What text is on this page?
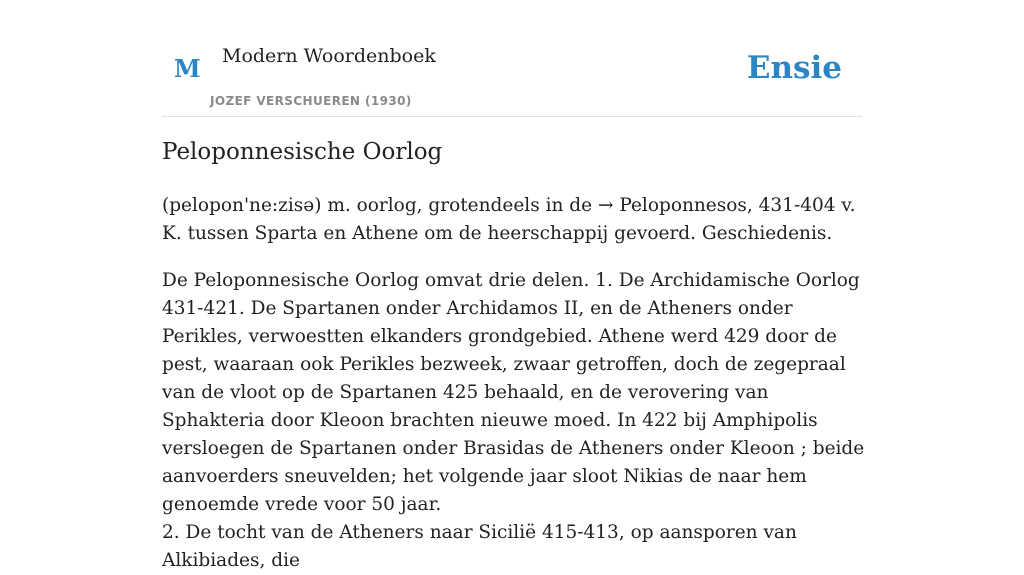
M Modern Woordenboek
JOZEF VERSCHUEREN (1930)
Ensie
Peloponnesische Oorlog

(pelopon'ne:zisə) m. oorlog, grotendeels in de → Peloponnesos, 431-404 v. K. tussen Sparta en Athene om de heerschappij gevoerd. Geschiedenis.

De Peloponnesische Oorlog omvat drie delen. 1. De Archidamische Oorlog 431-421. De Spartanen onder Archidamos II, en de Atheners onder Perikles, verwoestten elkanders grondgebied. Athene werd 429 door de pest, waaraan ook Perikles bezweek, zwaar getroffen, doch de zegepraal van de vloot op de Spartanen 425 behaald, en de verovering van Sphakteria door Kleoon brachten nieuwe moed. In 422 bij Amphipolis versloegen de Spartanen onder Brasidas de Atheners onder Kleoon ; beide aanvoerders sneuvelden; het volgende jaar sloot Nikias de naar hem genoemde vrede voor 50 jaar.
2. De tocht van de Atheners naar Sicilië 415-413, op aansporen van Alkibiades, die
